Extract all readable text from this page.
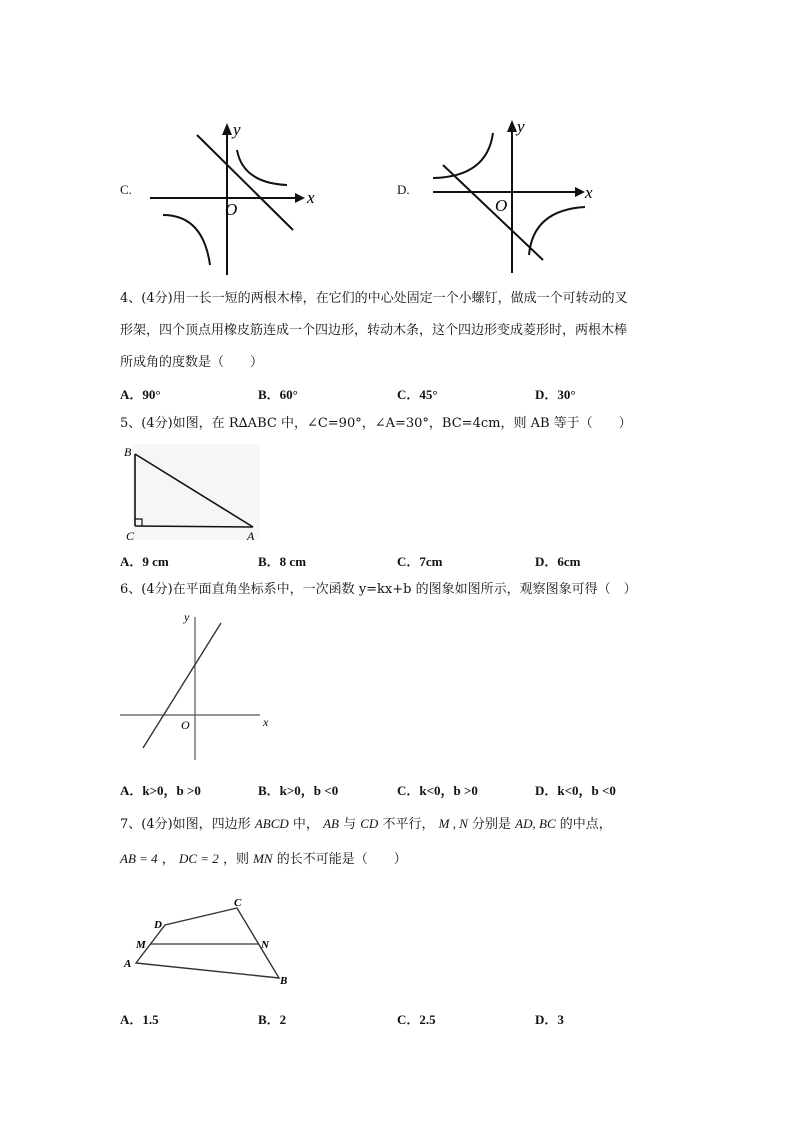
C.	x
y
O
D.	x
y
O
4、(4分)用一长一短的两根木棒，在它们的中心处固定一个小螺钉，做成一个可转动的叉
形架，四个顶点用橡皮筋连成一个四边形，转动木条，这个四边形变成菱形时，两根木棒
所成角的度数是（　　）
A．90°	B．60°	C．45°	D．30°
5、(4分)如图，在 R∆ABC 中，∠C=90°，∠A=30°，BC=4cm，则 AB 等于（　　）
B
C	A
A．9 cm	B．8 cm	C．7cm	D．6cm
6、(4分)在平面直角坐标系中，一次函数 y=kx+b 的图象如图所示，观察图象可得（　）
x
y
O
A．k>0，b >0	B．k>0，b <0	C．k<0，b >0	D．k<0，b <0
7、(4分)如图，四边形 ABCD 中， AB 与 CD 不平行， M , N 分别是 AD, BC 的中点，
AB = 4 ， DC = 2 ，则 MN 的长不可能是（　　）
D
C
M	N
A
B
A．1.5	B．2	C．2.5	D．3
